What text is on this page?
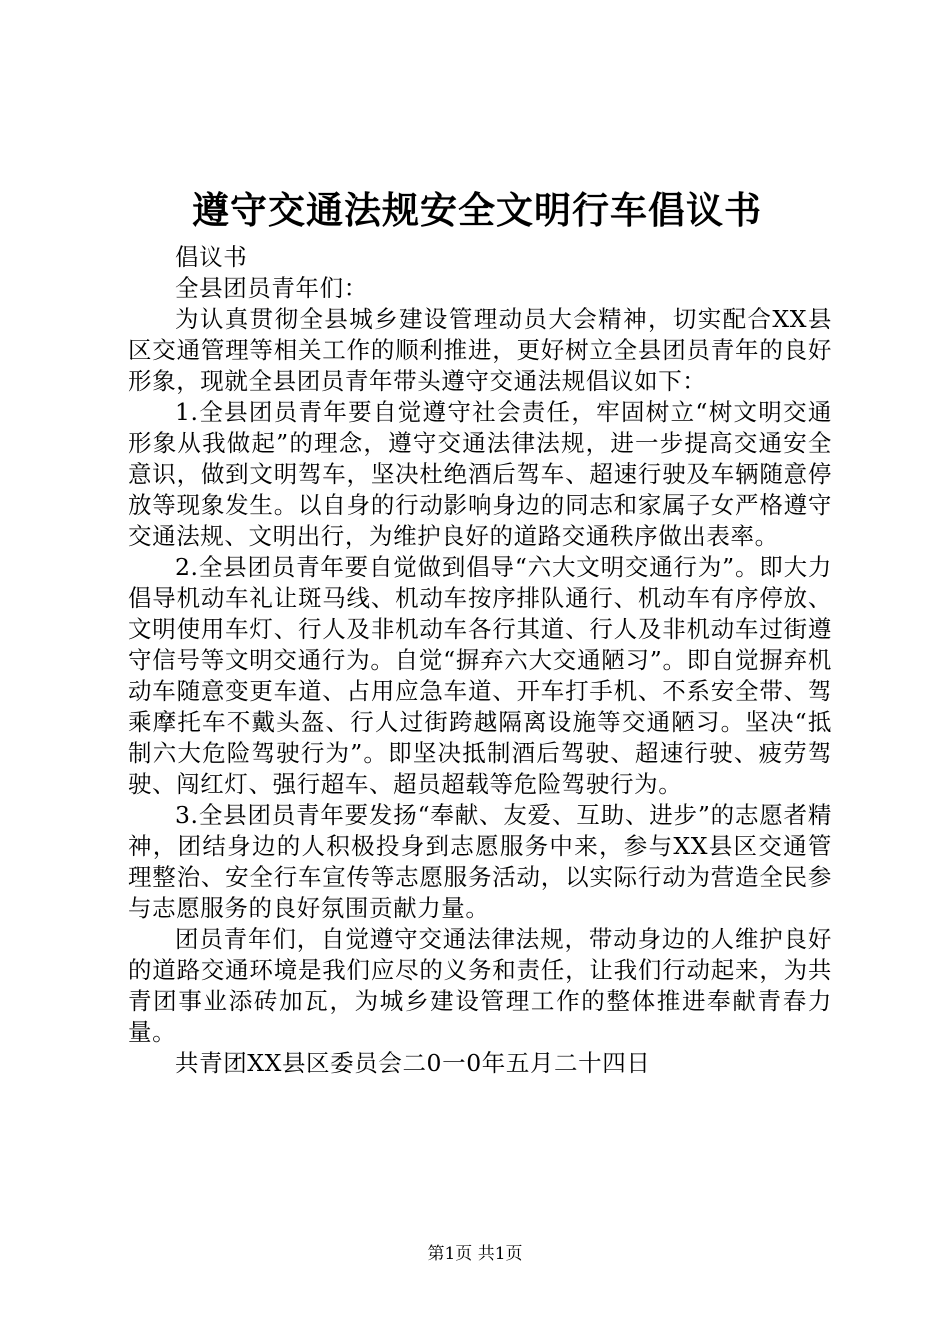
遵守交通法规安全文明行车倡议书

倡议书

全县团员青年们：

为认真贯彻全县城乡建设管理动员大会精神，切实配合XX县区交通管理等相关工作的顺利推进，更好树立全县团员青年的良好形象，现就全县团员青年带头遵守交通法规倡议如下：

1.全县团员青年要自觉遵守社会责任，牢固树立“树文明交通形象从我做起”的理念，遵守交通法律法规，进一步提高交通安全意识，做到文明驾车，坚决杜绝酒后驾车、超速行驶及车辆随意停放等现象发生。以自身的行动影响身边的同志和家属子女严格遵守交通法规、文明出行，为维护良好的道路交通秩序做出表率。

2.全县团员青年要自觉做到倡导“六大文明交通行为”。即大力倡导机动车礼让斑马线、机动车按序排队通行、机动车有序停放、文明使用车灯、行人及非机动车各行其道、行人及非机动车过街遵守信号等文明交通行为。自觉“摒弃六大交通陋习”。即自觉摒弃机动车随意变更车道、占用应急车道、开车打手机、不系安全带、驾乘摩托车不戴头盔、行人过街跨越隔离设施等交通陋习。坚决“抵制六大危险驾驶行为”。即坚决抵制酒后驾驶、超速行驶、疲劳驾驶、闯红灯、强行超车、超员超载等危险驾驶行为。

3.全县团员青年要发扬“奉献、友爱、互助、进步”的志愿者精神，团结身边的人积极投身到志愿服务中来，参与XX县区交通管理整治、安全行车宣传等志愿服务活动，以实际行动为营造全民参与志愿服务的良好氛围贡献力量。

团员青年们，自觉遵守交通法律法规，带动身边的人维护良好的道路交通环境是我们应尽的义务和责任，让我们行动起来，为共青团事业添砖加瓦，为城乡建设管理工作的整体推进奉献青春力量。

共青团XX县区委员会二0一0年五月二十四日

第1页 共1页
